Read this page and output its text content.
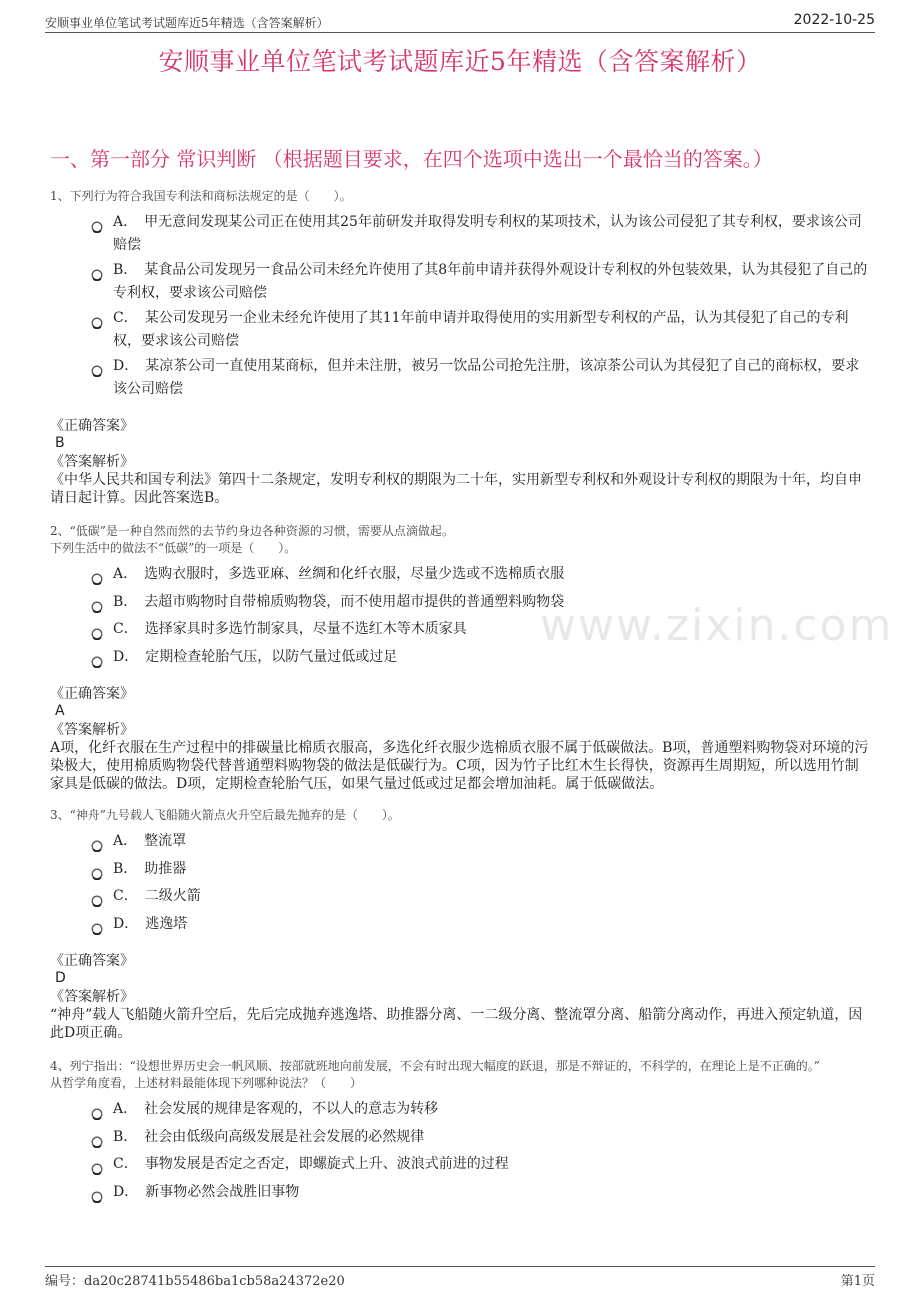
安顺事业单位笔试考试题库近5年精选（含答案解析）	2022-10-25
安顺事业单位笔试考试题库近5年精选（含答案解析）
一、第一部分 常识判断 （根据题目要求，在四个选项中选出一个最恰当的答案。）
www.zixin.com
1、下列行为符合我国专利法和商标法规定的是（　　）。
A．  甲无意间发现某公司正在使用其25年前研发并取得发明专利权的某项技术，认为该公司侵犯了其专利权，要求该公司赔偿
B．  某食品公司发现另一食品公司未经允许使用了其8年前申请并获得外观设计专利权的外包装效果，认为其侵犯了自己的专利权，要求该公司赔偿
C．  某公司发现另一企业未经允许使用了其11年前申请并取得使用的实用新型专利权的产品，认为其侵犯了自己的专利权，要求该公司赔偿
D．  某凉茶公司一直使用某商标，但并未注册，被另一饮品公司抢先注册，该凉茶公司认为其侵犯了自己的商标权，要求该公司赔偿
《正确答案》
B
《答案解析》
《中华人民共和国专利法》第四十二条规定，发明专利权的期限为二十年，实用新型专利权和外观设计专利权的期限为十年，均自申请日起计算。因此答案选B。
2、“低碳”是一种自然而然的去节约身边各种资源的习惯，需要从点滴做起。
下列生活中的做法不“低碳”的一项是（　　）。
A．  选购衣服时，多选亚麻、丝绸和化纤衣服，尽量少选或不选棉质衣服
B．  去超市购物时自带棉质购物袋，而不使用超市提供的普通塑料购物袋
C．  选择家具时多选竹制家具，尽量不选红木等木质家具
D．  定期检查轮胎气压，以防气量过低或过足
《正确答案》
A
《答案解析》
A项，化纤衣服在生产过程中的排碳量比棉质衣服高，多选化纤衣服少选棉质衣服不属于低碳做法。B项，普通塑料购物袋对环境的污染极大，使用棉质购物袋代替普通塑料购物袋的做法是低碳行为。C项，因为竹子比红木生长得快，资源再生周期短，所以选用竹制家具是低碳的做法。D项，定期检查轮胎气压，如果气量过低或过足都会增加油耗。属于低碳做法。
3、“神舟”九号载人飞船随火箭点火升空后最先抛弃的是（　　）。
A．  整流罩
B．  助推器
C．  二级火箭
D．  逃逸塔
《正确答案》
D
《答案解析》
“神舟”载人飞船随火箭升空后，先后完成抛弃逃逸塔、助推器分离、一二级分离、整流罩分离、船箭分离动作，再进入预定轨道，因此D项正确。
4、列宁指出：“设想世界历史会一帆风顺、按部就班地向前发展，不会有时出现大幅度的跃退，那是不辩证的，不科学的，在理论上是不正确的。”
从哲学角度看，上述材料最能体现下列哪种说法？（　　）
A．  社会发展的规律是客观的，不以人的意志为转移
B．  社会由低级向高级发展是社会发展的必然规律
C．  事物发展是否定之否定，即螺旋式上升、波浪式前进的过程
D．  新事物必然会战胜旧事物
编号：da20c28741b55486ba1cb58a24372e20	第1页
